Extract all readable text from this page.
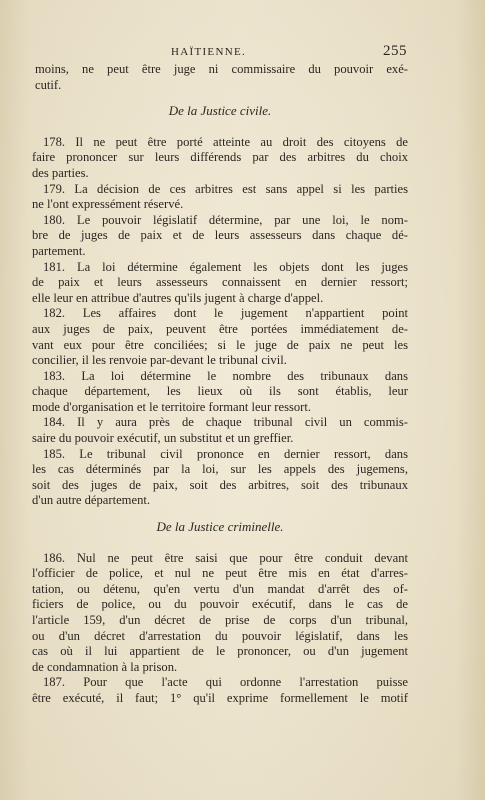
HAÏTIENNE.	255
moins, ne peut être juge ni commissaire du pouvoir exé-
cutif.
De la Justice civile.
178. Il ne peut être porté atteinte au droit des citoyens de
faire prononcer sur leurs différends par des arbitres du choix
des parties.
179. La décision de ces arbitres est sans appel si les parties
ne l'ont expressément réservé.
180. Le pouvoir législatif détermine, par une loi, le nom-
bre de juges de paix et de leurs assesseurs dans chaque dé-
partement.
181. La loi détermine également les objets dont les juges
de paix et leurs assesseurs connaissent en dernier ressort;
elle leur en attribue d'autres qu'ils jugent à charge d'appel.
182. Les affaires dont le jugement n'appartient point
aux juges de paix, peuvent être portées immédiatement de-
vant eux pour être conciliées; si le juge de paix ne peut les
concilier, il les renvoie par-devant le tribunal civil.
183. La loi détermine le nombre des tribunaux dans
chaque département, les lieux où ils sont établis, leur
mode d'organisation et le territoire formant leur ressort.
184. Il y aura près de chaque tribunal civil un commis-
saire du pouvoir exécutif, un substitut et un greffier.
185. Le tribunal civil prononce en dernier ressort, dans
les cas déterminés par la loi, sur les appels des jugemens,
soit des juges de paix, soit des arbitres, soit des tribunaux
d'un autre département.
De la Justice criminelle.
186. Nul ne peut être saisi que pour être conduit devant
l'officier de police, et nul ne peut être mis en état d'arres-
tation, ou détenu, qu'en vertu d'un mandat d'arrêt des of-
ficiers de police, ou du pouvoir exécutif, dans le cas de
l'article 159, d'un décret de prise de corps d'un tribunal,
ou d'un décret d'arrestation du pouvoir législatif, dans les
cas où il lui appartient de le prononcer, ou d'un jugement
de condamnation à la prison.
187. Pour que l'acte qui ordonne l'arrestation puisse
être exécuté, il faut; 1° qu'il exprime formellement le motif
